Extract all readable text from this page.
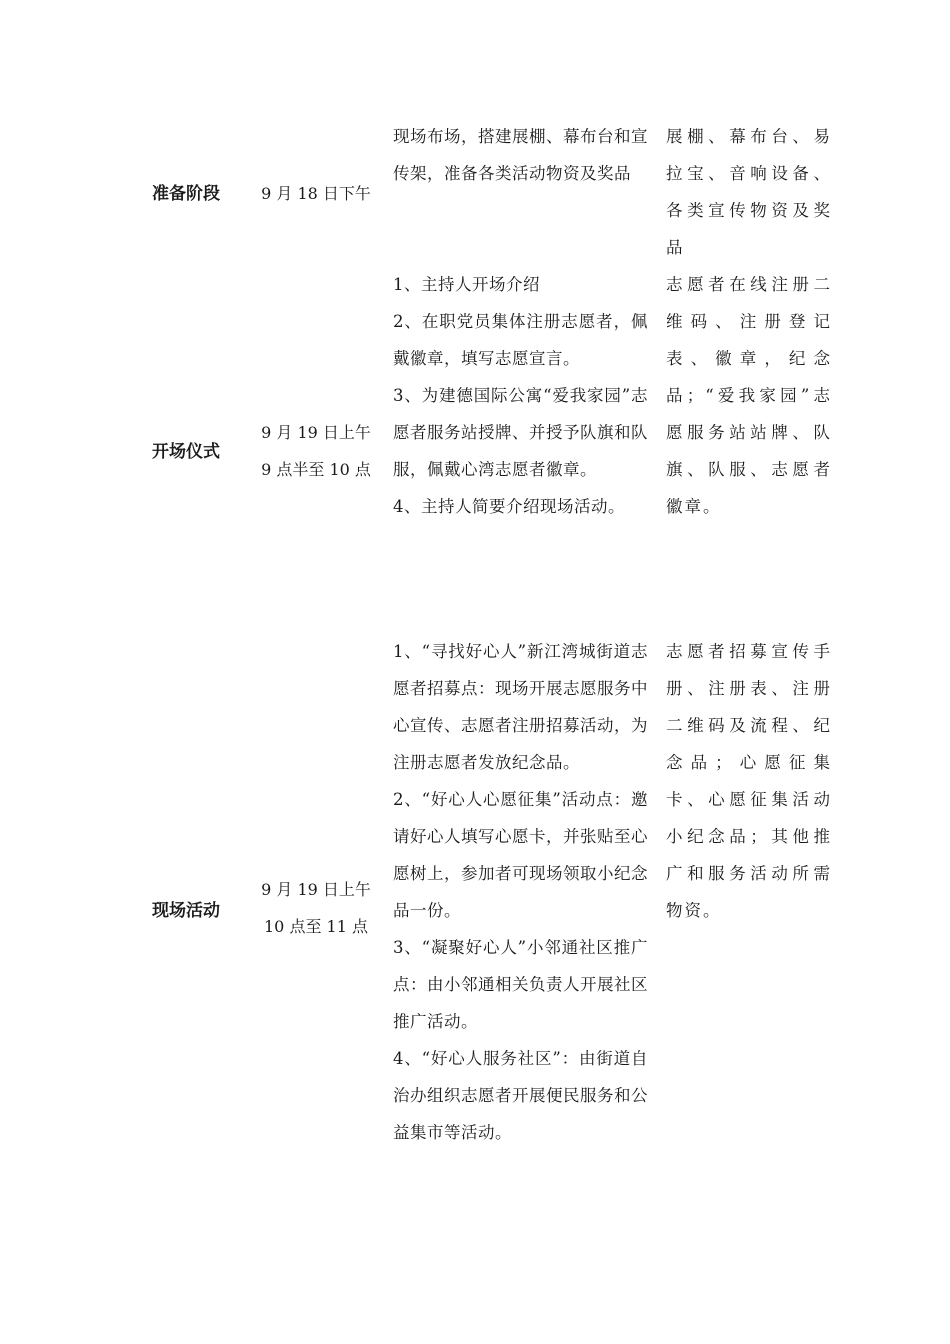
准备阶段	9 月 18 日下午

现场布场，搭建展棚、幕布台和宣传架，准备各类活动物资及奖品

展棚、幕布台、易拉宝、音响设备、各类宣传物资及奖品

开场仪式
9 月 19 日上午
9 点半至 10 点

1、主持人开场介绍

2、在职党员集体注册志愿者，佩戴徽章，填写志愿宣言。

3、为建德国际公寓“爱我家园”志愿者服务站授牌、并授予队旗和队服，佩戴心湾志愿者徽章。

4、主持人简要介绍现场活动。

志愿者在线注册二维码、注册登记表、徽章，纪念品；“爱我家园”志愿服务站站牌、队旗、队服、志愿者徽章。

现场活动
9 月 19 日上午
10 点至 11 点

1、“寻找好心人”新江湾城街道志愿者招募点：现场开展志愿服务中心宣传、志愿者注册招募活动，为注册志愿者发放纪念品。

2、“好心人心愿征集”活动点：邀请好心人填写心愿卡，并张贴至心愿树上，参加者可现场领取小纪念品一份。

3、“凝聚好心人”小邻通社区推广点：由小邻通相关负责人开展社区推广活动。

4、“好心人服务社区”：由街道自治办组织志愿者开展便民服务和公益集市等活动。

志愿者招募宣传手册、注册表、注册二维码及流程、纪念品；心愿征集卡、心愿征集活动小纪念品；其他推广和服务活动所需物资。
